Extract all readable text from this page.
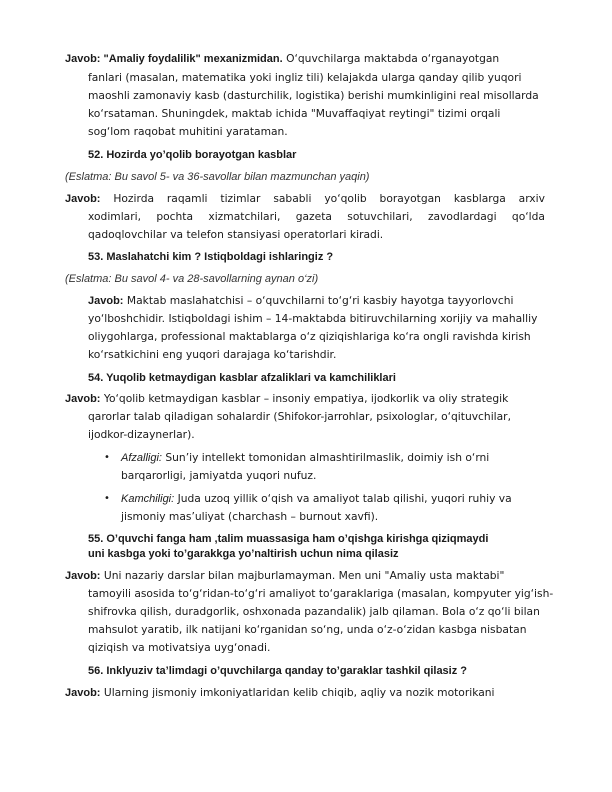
Javob: "Amaliy foydalilik" mexanizmidan. O‘quvchilarga maktabda o‘rganayotgan
fanlari (masalan, matematika yoki ingliz tili) kelajakda ularga qanday qilib yuqori
maoshli zamonaviy kasb (dasturchilik, logistika) berishi mumkinligini real misollarda
ko‘rsataman. Shuningdek, maktab ichida "Muvaffaqiyat reytingi" tizimi orqali
sog‘lom raqobat muhitini yarataman.
52. Hozirda yo’qolib borayotgan kasblar
(Eslatma: Bu savol 5- va 36-savollar bilan mazmunchan yaqin)
Javob: Hozirda raqamli tizimlar sababli yo‘qolib borayotgan kasblarga arxiv
xodimlari, pochta xizmatchilari, gazeta sotuvchilari, zavodlardagi qo‘lda
qadoqlovchilar va telefon stansiyasi operatorlari kiradi.
53. Maslahatchi kim ? Istiqboldagi ishlaringiz ?
(Eslatma: Bu savol 4- va 28-savollarning aynan o‘zi)
Javob: Maktab maslahatchisi – o‘quvchilarni to‘g‘ri kasbiy hayotga tayyorlovchi
yo‘lboshchidir. Istiqboldagi ishim – 14-maktabda bitiruvchilarning xorijiy va mahalliy
oliygohlarga, professional maktablarga o‘z qiziqishlariga ko‘ra ongli ravishda kirish
ko‘rsatkichini eng yuqori darajaga ko‘tarishdir.
54. Yuqolib ketmaydigan kasblar afzaliklari va kamchiliklari
Javob: Yo‘qolib ketmaydigan kasblar – insoniy empatiya, ijodkorlik va oliy strategik
qarorlar talab qiladigan sohalardir (Shifokor-jarrohlar, psixologlar, o‘qituvchilar,
ijodkor-dizaynerlar).
• Afzalligi: Sun’iy intellekt tomonidan almashtirilmaslik, doimiy ish o‘rni
barqarorligi, jamiyatda yuqori nufuz.
• Kamchiligi: Juda uzoq yillik o‘qish va amaliyot talab qilishi, yuqori ruhiy va
jismoniy mas’uliyat (charchash – burnout xavfi).
55. O’quvchi fanga ham ,talim muassasiga ham o’qishga kirishga qiziqmaydi
uni kasbga yoki to’garakkga yo’naltirish uchun nima qilasiz
Javob: Uni nazariy darslar bilan majburlamayman. Men uni "Amaliy usta maktabi"
tamoyili asosida to‘g‘ridan-to‘g‘ri amaliyot to‘garaklariga (masalan, kompyuter yig‘ish-
shifrovka qilish, duradgorlik, oshxonada pazandalik) jalb qilaman. Bola o‘z qo‘li bilan
mahsulot yaratib, ilk natijani ko‘rganidan so‘ng, unda o‘z-o‘zidan kasbga nisbatan
qiziqish va motivatsiya uyg‘onadi.
56. Inklyuziv ta’limdagi o’quvchilarga qanday to’garaklar tashkil qilasiz ?
Javob: Ularning jismoniy imkoniyatlaridan kelib chiqib, aqliy va nozik motorikani
